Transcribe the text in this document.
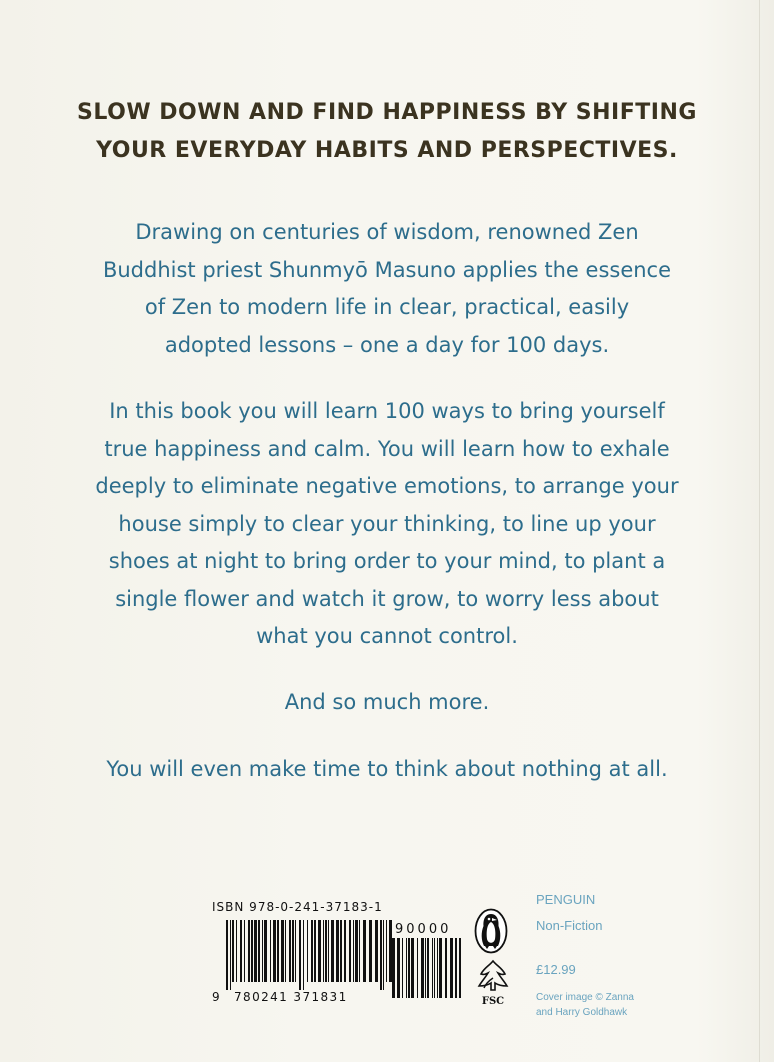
SLOW DOWN AND FIND HAPPINESS BY SHIFTING
YOUR EVERYDAY HABITS AND PERSPECTIVES.

Drawing on centuries of wisdom, renowned Zen
Buddhist priest Shunmyō Masuno applies the essence
of Zen to modern life in clear, practical, easily
adopted lessons – one a day for 100 days.

In this book you will learn 100 ways to bring yourself
true happiness and calm. You will learn how to exhale
deeply to eliminate negative emotions, to arrange your
house simply to clear your thinking, to line up your
shoes at night to bring order to your mind, to plant a
single flower and watch it grow, to worry less about
what you cannot control.

And so much more.

You will even make time to think about nothing at all.

ISBN 978-0-241-37183-1
9 780241 371831
90000
FSC
PENGUIN
Non-Fiction
£12.99
Cover image © Zanna
and Harry Goldhawk
